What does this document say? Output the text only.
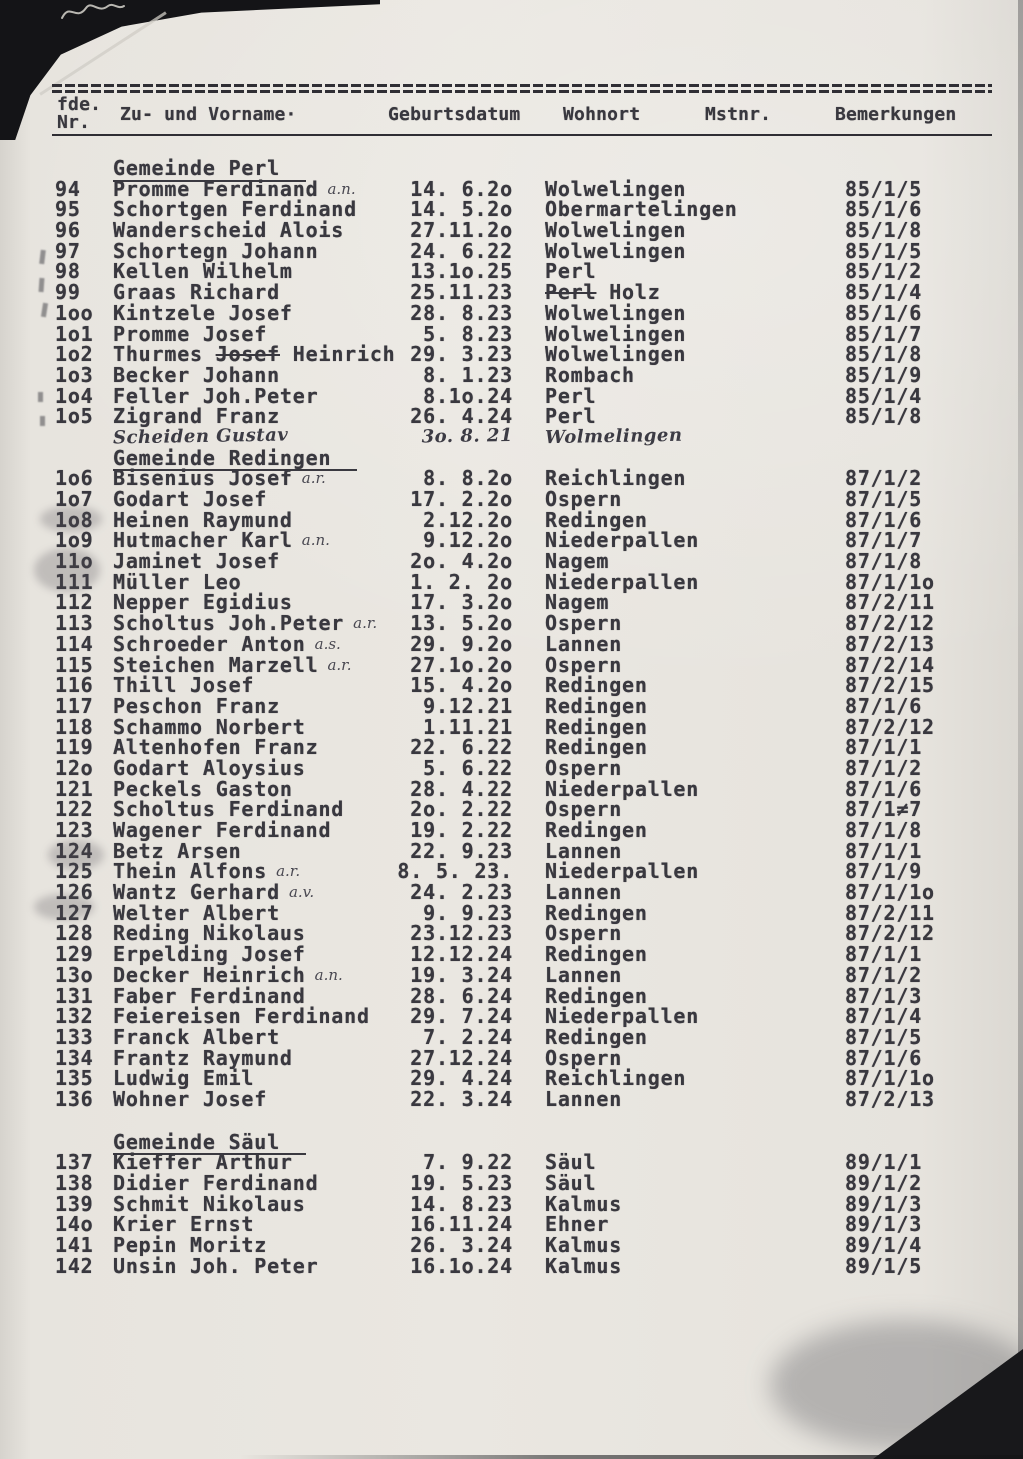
fde.
Nr. Zu- und Vorname·	Geburtsdatum Wohnort	Mstnr.	Bemerkungen
Gemeinde Perl
94 Promme Ferdinand a.n.	14. 6.2o Wolwelingen	85/1/5
95 Schortgen Ferdinand	14. 5.2o Obermartelingen	85/1/6
96 Wanderscheid Alois	27.11.2o Wolwelingen	85/1/8
97 Schortegn Johann	24. 6.22 Wolwelingen	85/1/5
98 Kellen Wilhelm	13.1o.25 Perl	85/1/2
99 Graas Richard	25.11.23 Perl Holz	85/1/4
1oo Kintzele Josef	28. 8.23 Wolwelingen	85/1/6
1o1 Promme Josef	5. 8.23 Wolwelingen	85/1/7
1o2 Thurmes Josef Heinrich 29. 3.23 Wolwelingen	85/1/8
1o3 Becker Johann	8. 1.23 Rombach	85/1/9
1o4 Feller Joh.Peter	8.1o.24 Perl	85/1/4
1o5 Zigrand Franz	26. 4.24 Perl	85/1/8
Scheiden Gustav	3o. 8. 21 Wolmelingen
Gemeinde Redingen
1o6 Bisenius Josef a.r.	8. 8.2o Reichlingen	87/1/2
1o7 Godart Josef	17. 2.2o Ospern	87/1/5
1o8 Heinen Raymund	2.12.2o Redingen	87/1/6
1o9 Hutmacher Karl a.n.	9.12.2o Niederpallen	87/1/7
11o Jaminet Josef	2o. 4.2o Nagem	87/1/8
111 Müller Leo	1. 2. 2o Niederpallen	87/1/1o
112 Nepper Egidius	17. 3.2o Nagem	87/2/11
113 Scholtus Joh.Peter a.r.	13. 5.2o Ospern	87/2/12
114 Schroeder Anton a.s.	29. 9.2o Lannen	87/2/13
115 Steichen Marzell a.r.	27.1o.2o Ospern	87/2/14
116 Thill Josef	15. 4.2o Redingen	87/2/15
117 Peschon Franz	9.12.21 Redingen	87/1/6
118 Schammo Norbert	1.11.21 Redingen	87/2/12
119 Altenhofen Franz	22. 6.22 Redingen	87/1/1
12o Godart Aloysius	5. 6.22 Ospern	87/1/2
121 Peckels Gaston	28. 4.22 Niederpallen	87/1/6
122 Scholtus Ferdinand	2o. 2.22 Ospern	87/1≠7
123 Wagener Ferdinand	19. 2.22 Redingen	87/1/8
124 Betz Arsen	22. 9.23 Lannen	87/1/1
125 Thein Alfons a.r.	8. 5. 23. Niederpallen	87/1/9
126 Wantz Gerhard a.v.	24. 2.23 Lannen	87/1/1o
127 Welter Albert	9. 9.23 Redingen	87/2/11
128 Reding Nikolaus	23.12.23 Ospern	87/2/12
129 Erpelding Josef	12.12.24 Redingen	87/1/1
13o Decker Heinrich a.n.	19. 3.24 Lannen	87/1/2
131 Faber Ferdinand	28. 6.24 Redingen	87/1/3
132 Feiereisen Ferdinand	29. 7.24 Niederpallen	87/1/4
133 Franck Albert	7. 2.24 Redingen	87/1/5
134 Frantz Raymund	27.12.24 Ospern	87/1/6
135 Ludwig Emil	29. 4.24 Reichlingen	87/1/1o
136 Wohner Josef	22. 3.24 Lannen	87/2/13
Gemeinde Säul
137 Kieffer Arthur	7. 9.22 Säul	89/1/1
138 Didier Ferdinand	19. 5.23 Säul	89/1/2
139 Schmit Nikolaus	14. 8.23 Kalmus	89/1/3
14o Krier Ernst	16.11.24 Ehner	89/1/3
141 Pepin Moritz	26. 3.24 Kalmus	89/1/4
142 Unsin Joh. Peter	16.1o.24 Kalmus	89/1/5
